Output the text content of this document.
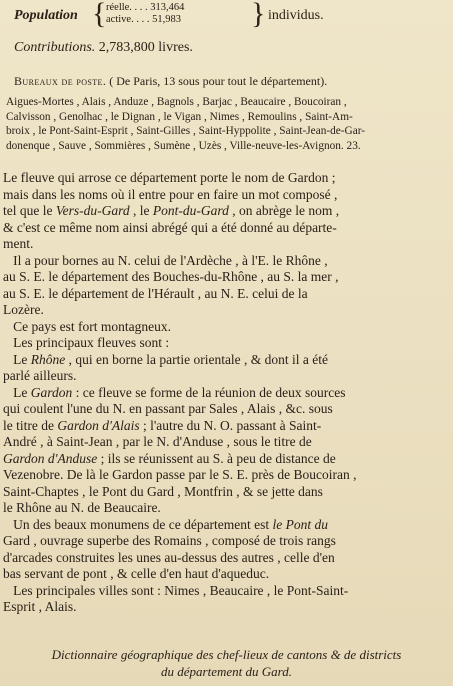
Population { réelle. . . . 313,464
active. . . . 51,983 } individus.
Contributions. 2,783,800 livres.
Bureaux de poste. ( De Paris, 13 sous pour tout le département).
Aigues-Mortes , Alais , Anduze , Bagnols , Barjac , Beaucaire , Boucoiran ,
Calvisson , Genolhac , le Dignan , le Vigan , Nimes , Remoulins , Saint-Am-
broix , le Pont-Saint-Esprit , Saint-Gilles , Saint-Hyppolite , Saint-Jean-de-Gar-
donenque , Sauve , Sommières , Sumène , Uzès , Ville-neuve-les-Avignon. 23.
Le fleuve qui arrose ce département porte le nom de Gardon ;
mais dans les noms où il entre pour en faire un mot composé ,
tel que le Vers-du-Gard , le Pont-du-Gard , on abrège le nom ,
& c'est ce même nom ainsi abrégé qui a été donné au départe-
ment.
Il a pour bornes au N. celui de l'Ardèche , à l'E. le Rhône ,
au S. E. le département des Bouches-du-Rhône , au S. la mer ,
au S. E. le département de l'Hérault , au N. E. celui de la
Lozère.
Ce pays est fort montagneux.
Les principaux fleuves sont :
Le Rhône , qui en borne la partie orientale , & dont il a été
parlé ailleurs.
Le Gardon : ce fleuve se forme de la réunion de deux sources
qui coulent l'une du N. en passant par Sales , Alais , &c. sous
le titre de Gardon d'Alais ; l'autre du N. O. passant à Saint-
André , à Saint-Jean , par le N. d'Anduse , sous le titre de
Gardon d'Anduse ; ils se réunissent au S. à peu de distance de
Vezenobre. De là le Gardon passe par le S. E. près de Boucoiran ,
Saint-Chaptes , le Pont du Gard , Montfrin , & se jette dans
le Rhône au N. de Beaucaire.
Un des beaux monumens de ce département est le Pont du
Gard , ouvrage superbe des Romains , composé de trois rangs
d'arcades construites les unes au-dessus des autres , celle d'en
bas servant de pont , & celle d'en haut d'aqueduc.
Les principales villes sont : Nimes , Beaucaire , le Pont-Saint-
Esprit , Alais.
Dictionnaire géographique des chef-lieux de cantons & de districts
du département du Gard.
